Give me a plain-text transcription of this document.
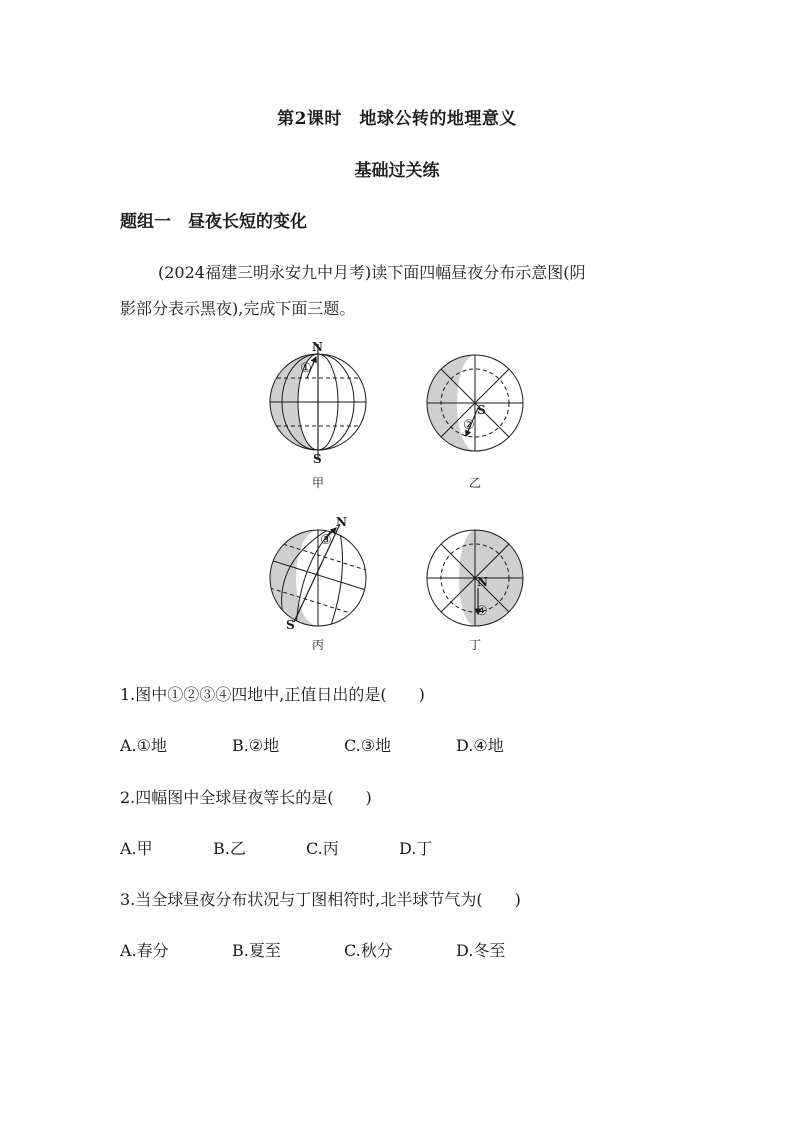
第2课时　地球公转的地理意义
基础过关练
题组一　昼夜长短的变化
(2024福建三明永安九中月考)读下面四幅昼夜分布示意图(阴
影部分表示黑夜),完成下面三题。
N
S
①
甲
S
②
乙
N
S
③
丙
N
④
丁
1.图中①②③④四地中,正值日出的是(　　)
A.①地	B.②地	C.③地	D.④地
2.四幅图中全球昼夜等长的是(　　)
A.甲	B.乙	C.丙	D.丁
3.当全球昼夜分布状况与丁图相符时,北半球节气为(　　)
A.春分	B.夏至	C.秋分	D.冬至
